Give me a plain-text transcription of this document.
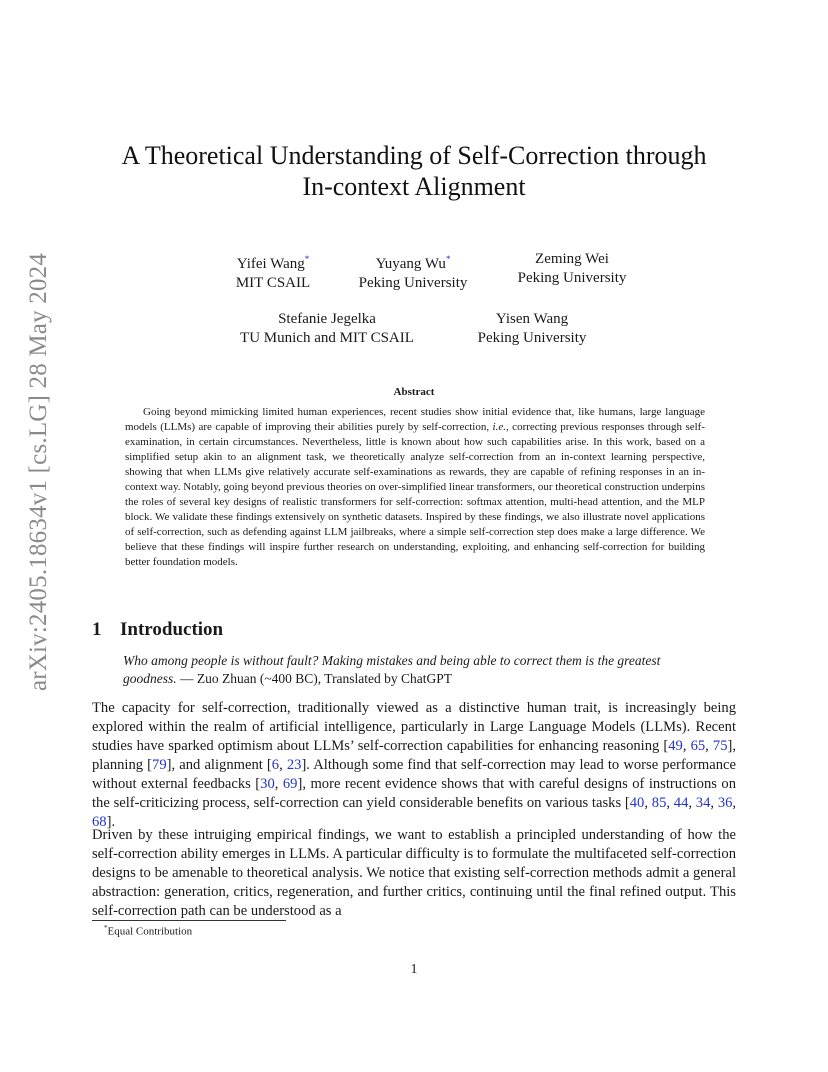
arXiv:2405.18634v1 [cs.LG] 28 May 2024
A Theoretical Understanding of Self-Correction through
In-context Alignment
Yifei Wang*
MIT CSAIL
Yuyang Wu*
Peking University
Zeming Wei
Peking University
Stefanie Jegelka
TU Munich and MIT CSAIL
Yisen Wang
Peking University
Abstract

Going beyond mimicking limited human experiences, recent studies show initial evidence that, like humans, large language models (LLMs) are capable of improving their abilities purely by self-correction, i.e., correcting previous responses through self-examination, in certain circumstances. Nevertheless, little is known about how such capabilities arise. In this work, based on a simplified setup akin to an alignment task, we theoretically analyze self-correction from an in-context learning perspective, showing that when LLMs give relatively accurate self-examinations as rewards, they are capable of refining responses in an in-context way. Notably, going beyond previous theories on over-simplified linear transformers, our theoretical construction underpins the roles of several key designs of realistic transformers for self-correction: softmax attention, multi-head attention, and the MLP block. We validate these findings extensively on synthetic datasets. Inspired by these findings, we also illustrate novel applications of self-correction, such as defending against LLM jailbreaks, where a simple self-correction step does make a large difference. We believe that these findings will inspire further research on understanding, exploiting, and enhancing self-correction for building better foundation models.

1 Introduction

Who among people is without fault? Making mistakes and being able to correct them is the greatest goodness. — Zuo Zhuan (~400 BC), Translated by ChatGPT

The capacity for self-correction, traditionally viewed as a distinctive human trait, is increasingly being explored within the realm of artificial intelligence, particularly in Large Language Models (LLMs). Recent studies have sparked optimism about LLMs’ self-correction capabilities for enhancing reasoning [49, 65, 75], planning [79], and alignment [6, 23]. Although some find that self-correction may lead to worse performance without external feedbacks [30, 69], more recent evidence shows that with careful designs of instructions on the self-criticizing process, self-correction can yield considerable benefits on various tasks [40, 85, 44, 34, 36, 68].

Driven by these intruiging empirical findings, we want to establish a principled understanding of how the self-correction ability emerges in LLMs. A particular difficulty is to formulate the multifaceted self-correction designs to be amenable to theoretical analysis. We notice that existing self-correction methods admit a general abstraction: generation, critics, regeneration, and further critics, continuing until the final refined output. This self-correction path can be understood as a

*Equal Contribution

1
